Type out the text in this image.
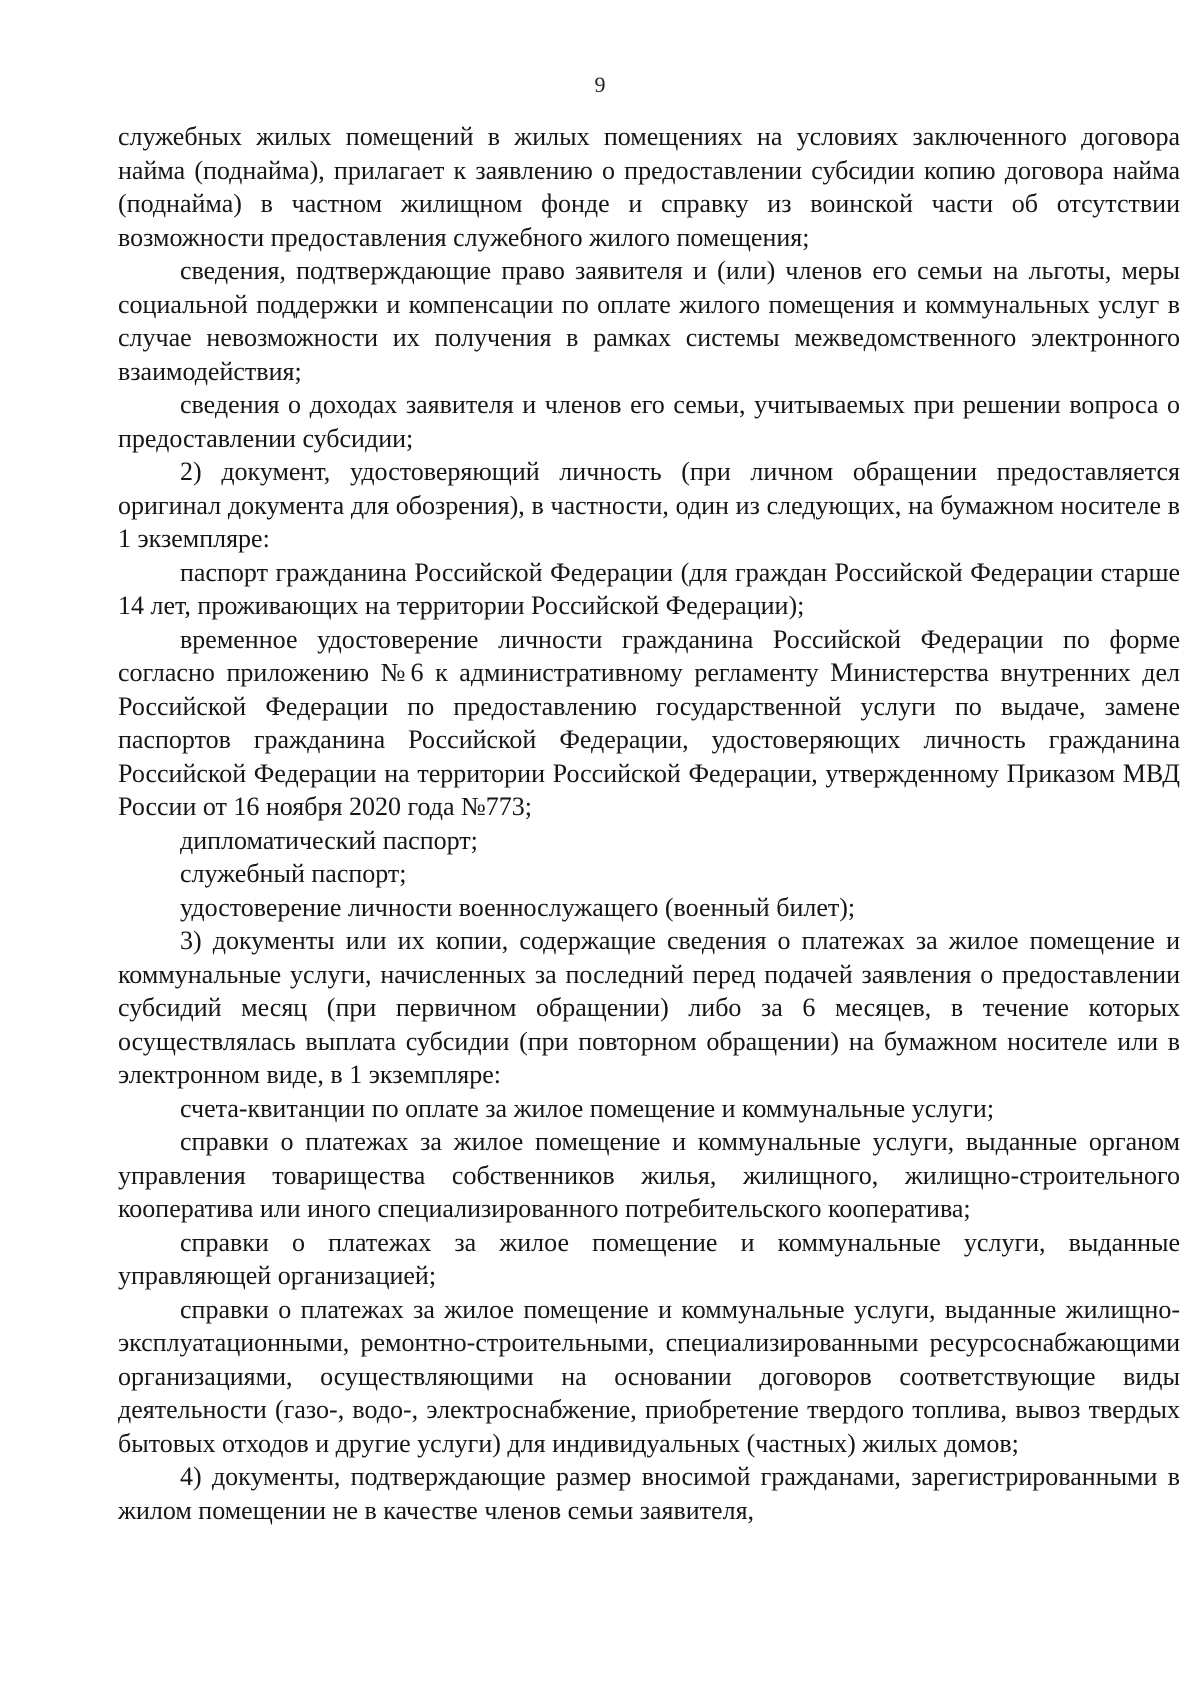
9

служебных жилых помещений в жилых помещениях на условиях заключенного договора найма (поднайма), прилагает к заявлению о предоставлении субсидии копию договора найма (поднайма) в частном жилищном фонде и справку из воинской части об отсутствии возможности предоставления служебного жилого помещения;

сведения, подтверждающие право заявителя и (или) членов его семьи на льготы, меры социальной поддержки и компенсации по оплате жилого помещения и коммунальных услуг в случае невозможности их получения в рамках системы межведомственного электронного взаимодействия;

сведения о доходах заявителя и членов его семьи, учитываемых при решении вопроса о предоставлении субсидии;

2) документ, удостоверяющий личность (при личном обращении предоставляется оригинал документа для обозрения), в частности, один из следующих, на бумажном носителе в 1 экземпляре:

паспорт гражданина Российской Федерации (для граждан Российской Федерации старше 14 лет, проживающих на территории Российской Федерации);

временное удостоверение личности гражданина Российской Федерации по форме согласно приложению №6 к административному регламенту Министерства внутренних дел Российской Федерации по предоставлению государственной услуги по выдаче, замене паспортов гражданина Российской Федерации, удостоверяющих личность гражданина Российской Федерации на территории Российской Федерации, утвержденному Приказом МВД России от 16 ноября 2020 года №773;

дипломатический паспорт;

служебный паспорт;

удостоверение личности военнослужащего (военный билет);

3) документы или их копии, содержащие сведения о платежах за жилое помещение и коммунальные услуги, начисленных за последний перед подачей заявления о предоставлении субсидий месяц (при первичном обращении) либо за 6 месяцев, в течение которых осуществлялась выплата субсидии (при повторном обращении) на бумажном носителе или в электронном виде, в 1 экземпляре:

счета-квитанции по оплате за жилое помещение и коммунальные услуги;

справки о платежах за жилое помещение и коммунальные услуги, выданные органом управления товарищества собственников жилья, жилищного, жилищно-строительного кооператива или иного специализированного потребительского кооператива;

справки о платежах за жилое помещение и коммунальные услуги, выданные управляющей организацией;

справки о платежах за жилое помещение и коммунальные услуги, выданные жилищно-эксплуатационными, ремонтно-строительными, специализированными ресурсоснабжающими организациями, осуществляющими на основании договоров соответствующие виды деятельности (газо-, водо-, электроснабжение, приобретение твердого топлива, вывоз твердых бытовых отходов и другие услуги) для индивидуальных (частных) жилых домов;

4) документы, подтверждающие размер вносимой гражданами, зарегистрированными в жилом помещении не в качестве членов семьи заявителя,
